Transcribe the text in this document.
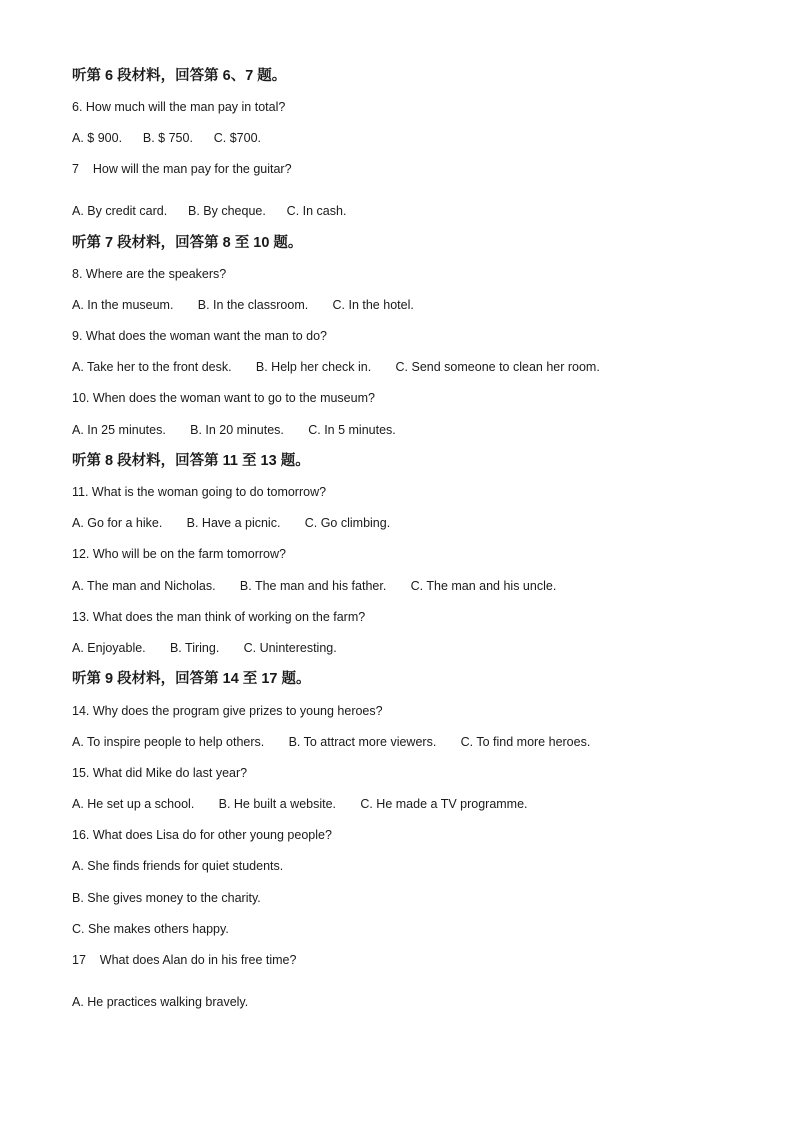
听第 6 段材料，回答第 6、7 题。
6. How much will the man pay in total?
A. $ 900.      B. $ 750.      C. $700.
7    How will the man pay for the guitar?
A. By credit card.      B. By cheque.      C. In cash.
听第 7 段材料，回答第 8 至 10 题。
8. Where are the speakers?
A. In the museum.       B. In the classroom.       C. In the hotel.
9. What does the woman want the man to do?
A. Take her to the front desk.       B. Help her check in.       C. Send someone to clean her room.
10. When does the woman want to go to the museum?
A. In 25 minutes.       B. In 20 minutes.       C. In 5 minutes.
听第 8 段材料，回答第 11 至 13 题。
11. What is the woman going to do tomorrow?
A. Go for a hike.       B. Have a picnic.       C. Go climbing.
12. Who will be on the farm tomorrow?
A. The man and Nicholas.       B. The man and his father.       C. The man and his uncle.
13. What does the man think of working on the farm?
A. Enjoyable.       B. Tiring.       C. Uninteresting.
听第 9 段材料，回答第 14 至 17 题。
14. Why does the program give prizes to young heroes?
A. To inspire people to help others.       B. To attract more viewers.       C. To find more heroes.
15. What did Mike do last year?
A. He set up a school.       B. He built a website.       C. He made a TV programme.
16. What does Lisa do for other young people?
A. She finds friends for quiet students.
B. She gives money to the charity.
C. She makes others happy.
17    What does Alan do in his free time?
A. He practices walking bravely.
